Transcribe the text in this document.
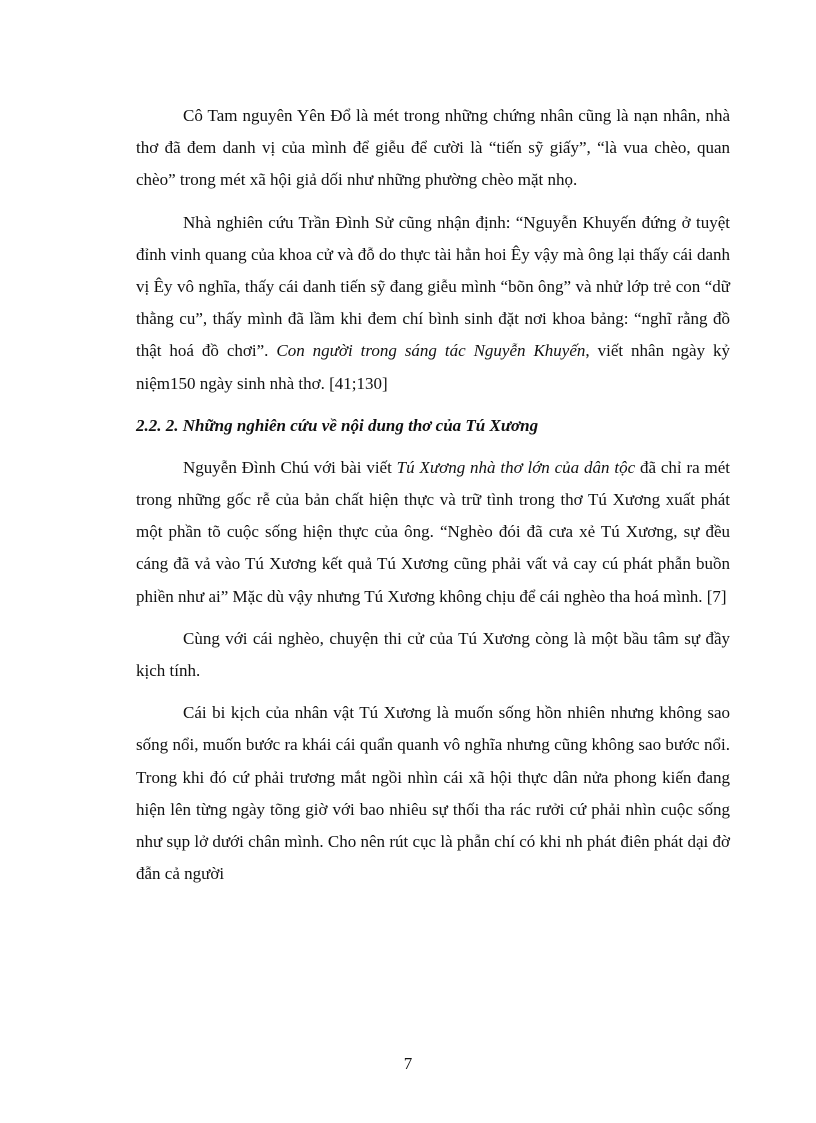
Cô Tam nguyên Yên Đổ là mét trong những chứng nhân cũng là nạn nhân, nhà thơ đã đem danh vị của mình để giễu để cười là “tiến sỹ giấy”, “là vua chèo, quan chèo” trong mét xã hội giả dối như những phường chèo mặt nhọ.

Nhà nghiên cứu Trần Đình Sử cũng nhận định: “Nguyễn Khuyến đứng ở tuyệt đỉnh vinh quang của khoa cử và đỗ do thực tài hẳn hoi Êy vậy mà ông lại thấy cái danh vị Êy vô nghĩa, thấy cái danh tiến sỹ đang giễu mình “bõn ông” và nhử lớp trẻ con “dữ thằng cu”, thấy mình đã lầm khi đem chí bình sinh đặt nơi khoa bảng: “nghĩ rằng đồ thật hoá đồ chơi”. Con người trong sáng tác Nguyễn Khuyến, viết nhân ngày kỷ niệm150 ngày sinh nhà thơ. [41;130]

2.2. 2. Những nghiên cứu về nội dung thơ của Tú Xương

Nguyễn Đình Chú với bài viết Tú Xương nhà thơ lớn của dân tộc đã chỉ ra mét trong những gốc rễ của bản chất hiện thực và trữ tình trong thơ Tú Xương xuất phát một phần tõ cuộc sống hiện thực của ông. “Nghèo đói đã cưa xẻ Tú Xương, sự đều cáng đã vả vào Tú Xương kết quả Tú Xương cũng phải vất vả cay cú phát phẫn buồn phiền như ai” Mặc dù vậy nhưng Tú Xương không chịu để cái nghèo tha hoá mình. [7]

Cùng với cái nghèo, chuyện thi cử của Tú Xương còng là một bầu tâm sự đầy kịch tính.

Cái bi kịch của nhân vật Tú Xương là muốn sống hồn nhiên nhưng không sao sống nổi, muốn bước ra khái cái quẩn quanh vô nghĩa nhưng cũng không sao bước nổi. Trong khi đó cứ phải trương mắt ngồi nhìn cái xã hội thực dân nửa phong kiến đang hiện lên từng ngày tõng giờ với bao nhiêu sự thối tha rác rưởi cứ phải nhìn cuộc sống như sụp lở dưới chân mình. Cho nên rút cục là phẫn chí có khi nh phát điên phát dại đờ đẫn cả người

7
